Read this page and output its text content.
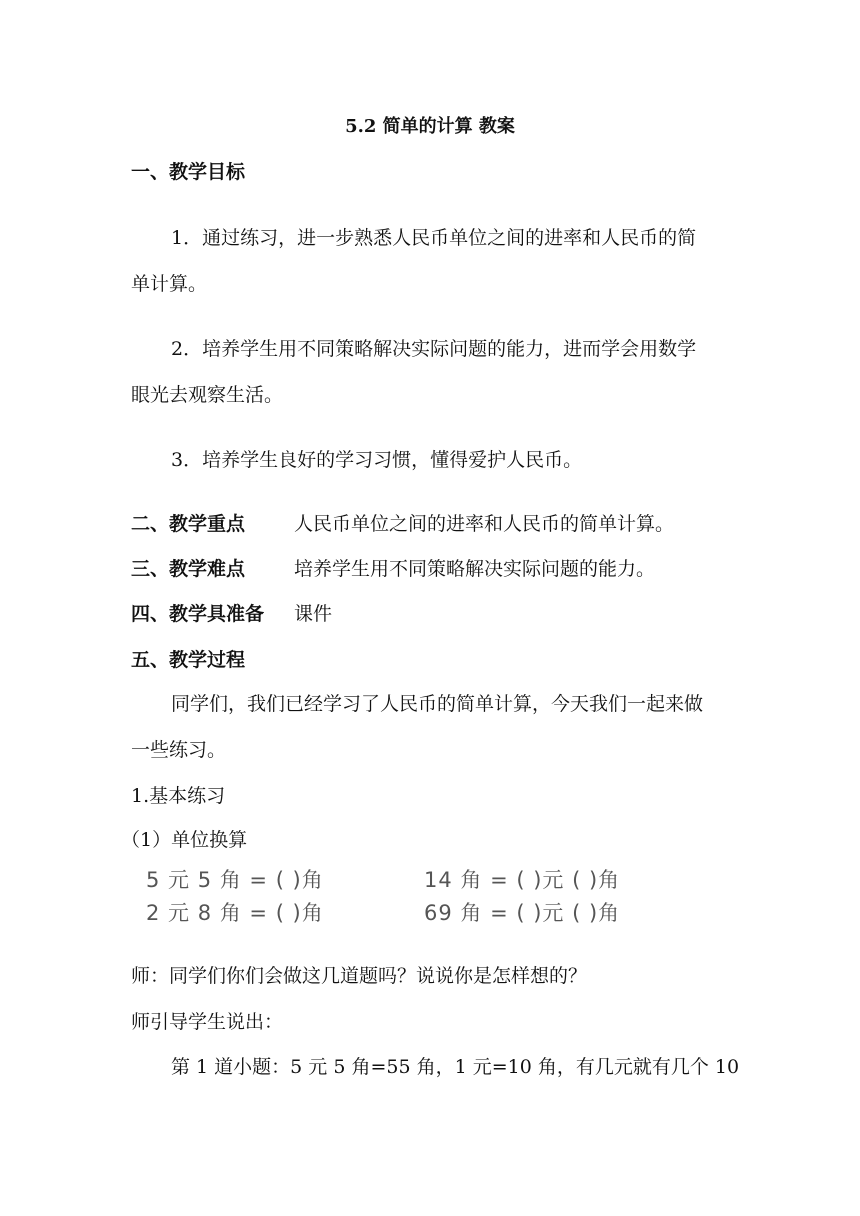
5.2 简单的计算 教案
一、教学目标
1．通过练习，进一步熟悉人民币单位之间的进率和人民币的简
单计算。
2．培养学生用不同策略解决实际问题的能力，进而学会用数学
眼光去观察生活。
3．培养学生良好的学习习惯，懂得爱护人民币。
二、教学重点	人民币单位之间的进率和人民币的简单计算。
三、教学难点	培养学生用不同策略解决实际问题的能力。
四、教学具准备 课件
五、教学过程
同学们，我们已经学习了人民币的简单计算，今天我们一起来做
一些练习。
1.基本练习
（1）单位换算
5 元 5 角 = ( )角	14 角 = ( )元 ( )角
2 元 8 角 = ( )角	69 角 = ( )元 ( )角
师：同学们你们会做这几道题吗？说说你是怎样想的？
师引导学生说出：
第 1 道小题：5 元 5 角=55 角，1 元=10 角，有几元就有几个 10
